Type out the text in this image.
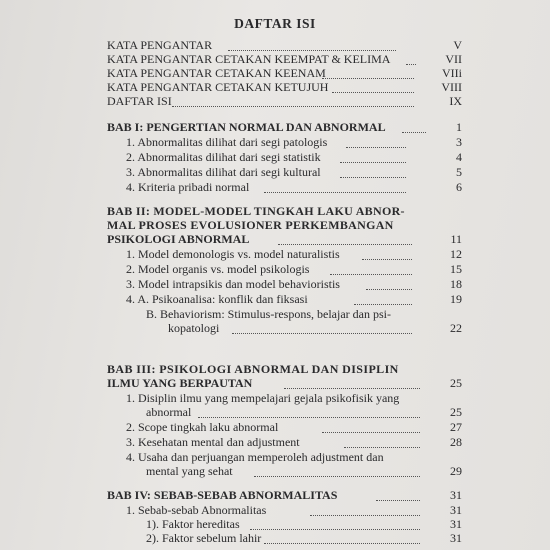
DAFTAR ISI
KATA PENGANTAR	V
KATA PENGANTAR CETAKAN KEEMPAT & KELIMA	VII
KATA PENGANTAR CETAKAN KEENAM	VIIi
KATA PENGANTAR CETAKAN KETUJUH	VIII
DAFTAR ISI	IX
BAB I: PENGERTIAN NORMAL DAN ABNORMAL	1
1. Abnormalitas dilihat dari segi patologis	3
2. Abnormalitas dilihat dari segi statistik	4
3. Abnormalitas dilihat dari segi kultural	5
4. Kriteria pribadi normal	6
BAB II: MODEL-MODEL TINGKAH LAKU ABNOR-
MAL PROSES EVOLUSIONER PERKEMBANGAN
PSIKOLOGI ABNORMAL	11
1. Model demonologis vs. model naturalistis	12
2. Model organis vs. model psikologis	15
3. Model intrapsikis dan model behavioristis	18
4. A. Psikoanalisa: konflik dan fiksasi	19
B. Behaviorism: Stimulus-respons, belajar dan psi-
kopatologi	22
BAB III: PSIKOLOGI ABNORMAL DAN DISIPLIN
ILMU YANG BERPAUTAN	25
1. Disiplin ilmu yang mempelajari gejala psikofisik yang
abnormal	25
2. Scope tingkah laku abnormal	27
3. Kesehatan mental dan adjustment	28
4. Usaha dan perjuangan memperoleh adjustment dan
mental yang sehat	29
BAB IV: SEBAB-SEBAB ABNORMALITAS	31
1. Sebab-sebab Abnormalitas	31
1). Faktor hereditas	31
2). Faktor sebelum lahir	31
